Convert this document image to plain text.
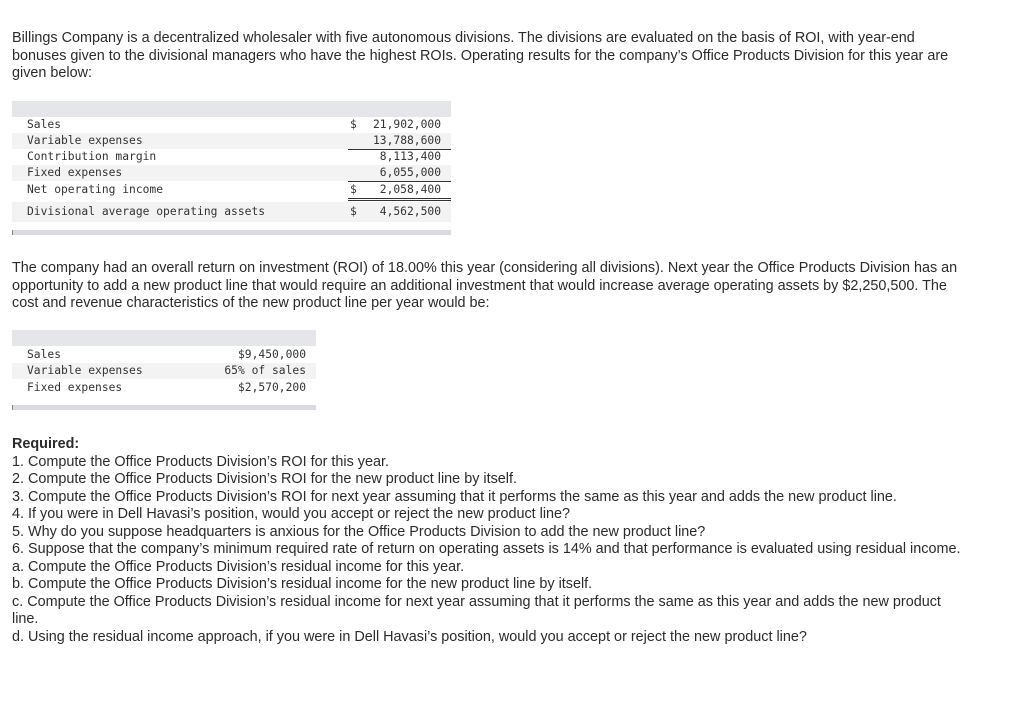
Billings Company is a decentralized wholesaler with five autonomous divisions. The divisions are evaluated on the basis of ROI, with year-end bonuses given to the divisional managers who have the highest ROIs. Operating results for the company’s Office Products Division for this year are given below:

Sales	$	21,902,000
Variable expenses	13,788,600
Contribution margin	8,113,400
Fixed expenses	6,055,000
Net operating income	$	2,058,400
Divisional average operating assets	$	4,562,500

The company had an overall return on investment (ROI) of 18.00% this year (considering all divisions). Next year the Office Products Division has an opportunity to add a new product line that would require an additional investment that would increase average operating assets by $2,250,500. The cost and revenue characteristics of the new product line per year would be:

Sales	$9,450,000
Variable expenses	65% of sales
Fixed expenses	$2,570,200
Required:
1. Compute the Office Products Division’s ROI for this year.
2. Compute the Office Products Division’s ROI for the new product line by itself.
3. Compute the Office Products Division’s ROI for next year assuming that it performs the same as this year and adds the new product line.
4. If you were in Dell Havasi’s position, would you accept or reject the new product line?
5. Why do you suppose headquarters is anxious for the Office Products Division to add the new product line?
6. Suppose that the company’s minimum required rate of return on operating assets is 14% and that performance is evaluated using residual income.
a. Compute the Office Products Division’s residual income for this year.
b. Compute the Office Products Division’s residual income for the new product line by itself.
c. Compute the Office Products Division’s residual income for next year assuming that it performs the same as this year and adds the new product line.
d. Using the residual income approach, if you were in Dell Havasi’s position, would you accept or reject the new product line?
